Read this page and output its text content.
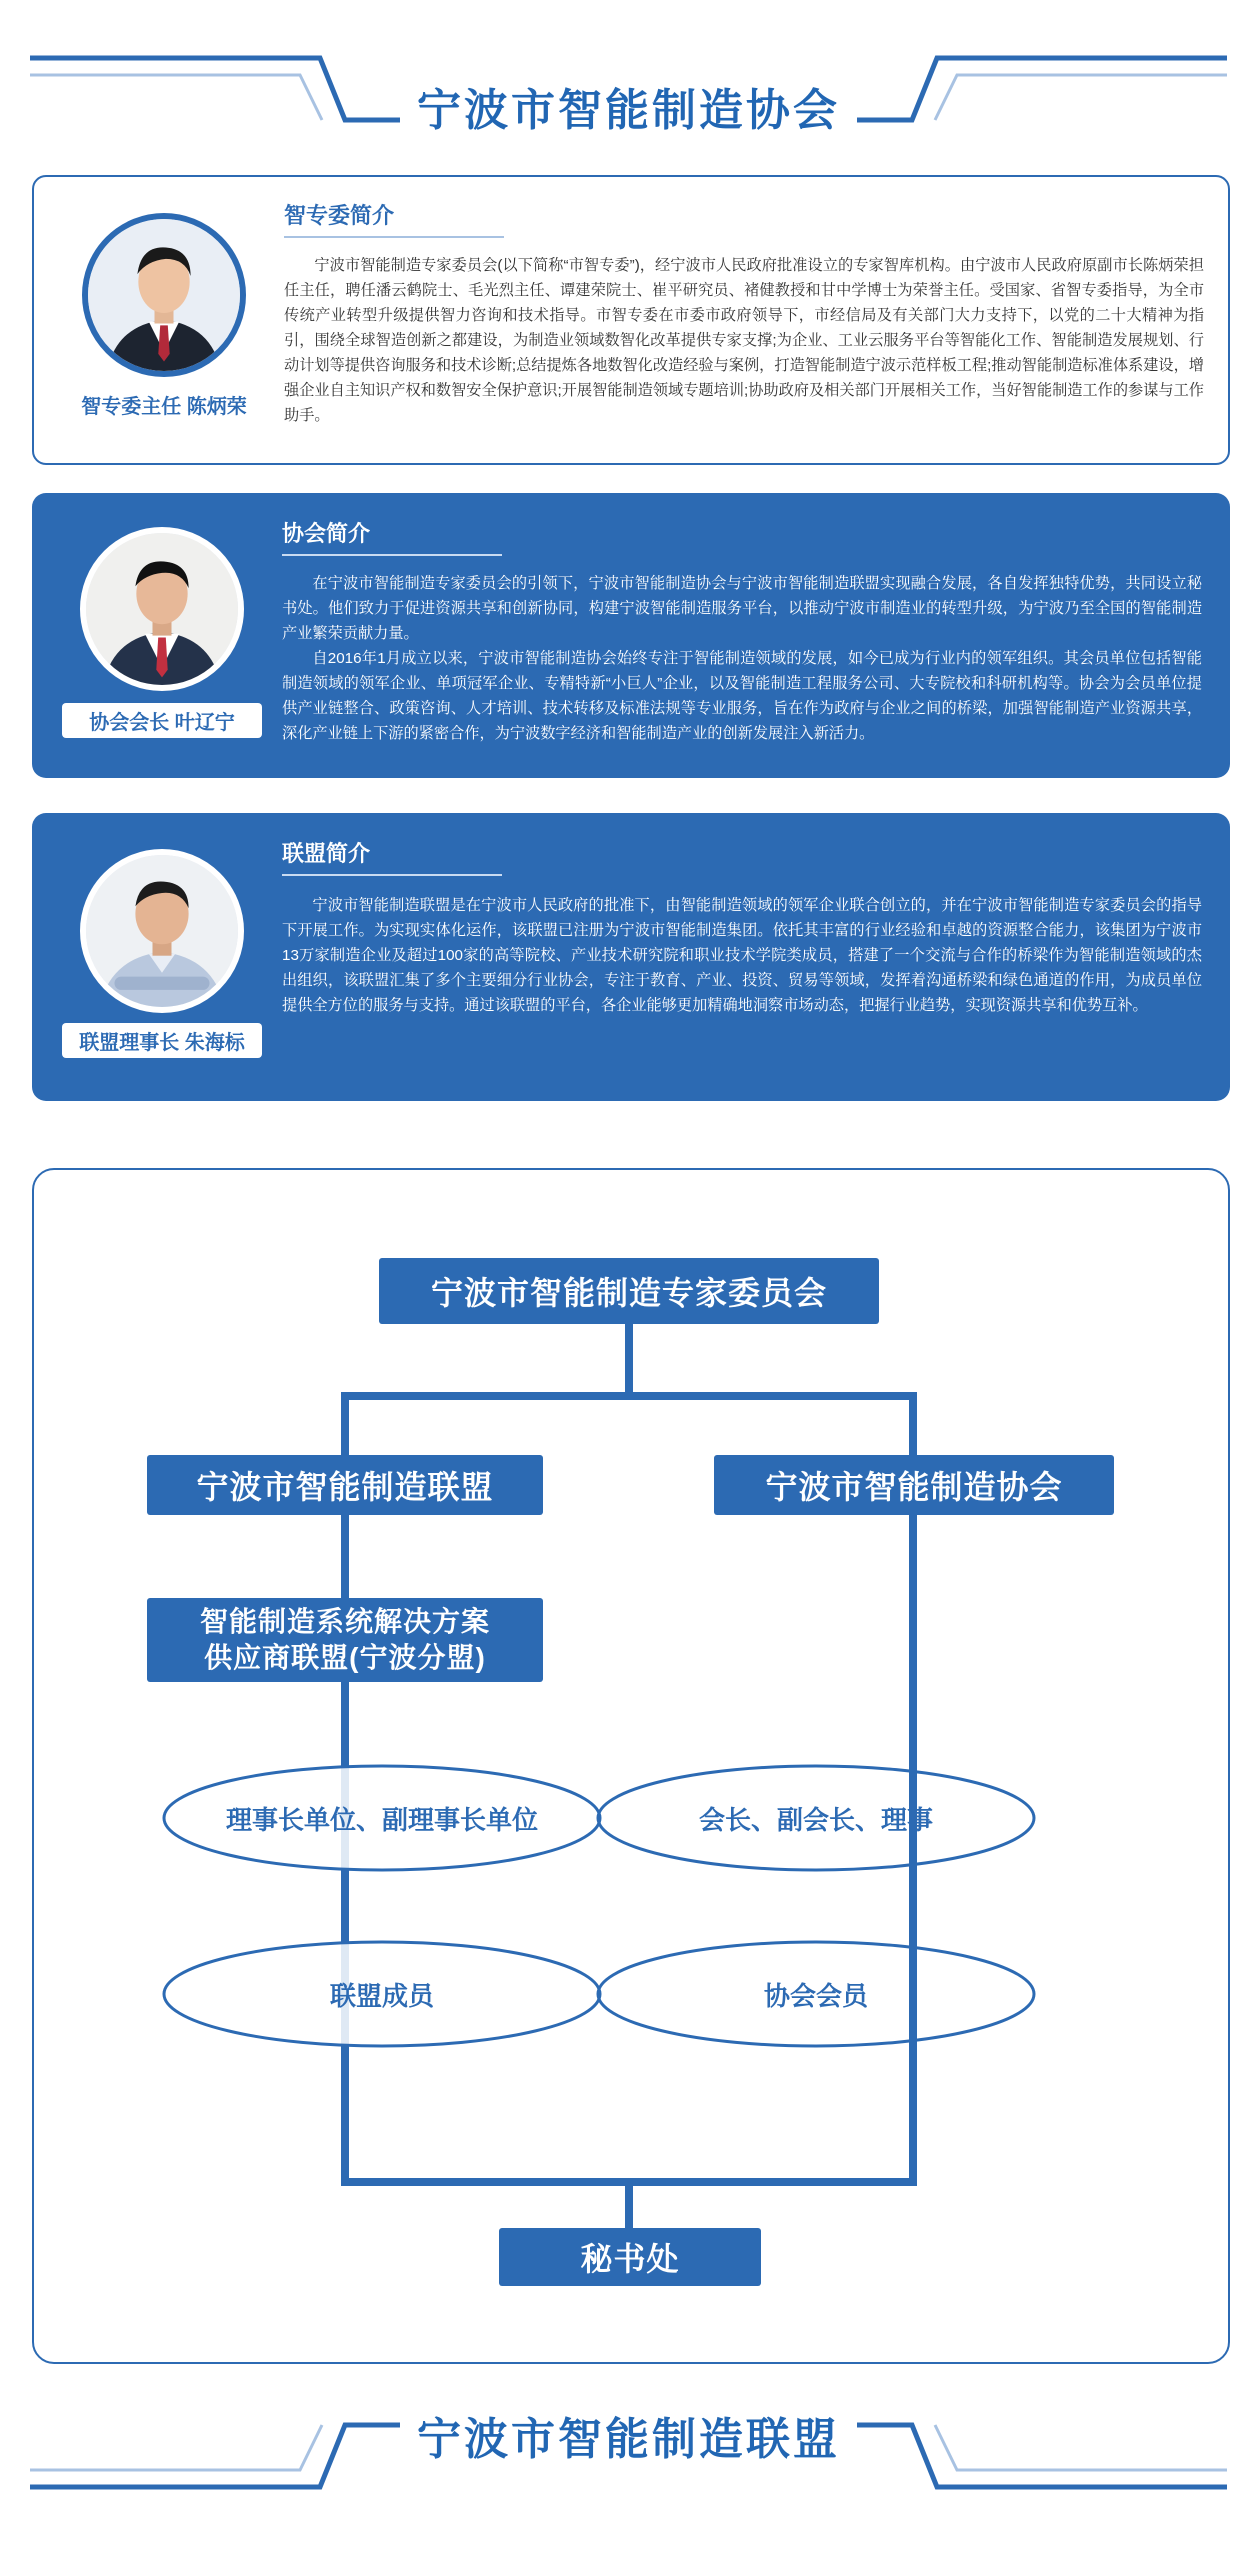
宁波市智能制造协会
智专委主任 陈炳荣
智专委简介

宁波市智能制造专家委员会(以下简称“市智专委”)，经宁波市人民政府批准设立的专家智库机构。由宁波市人民政府原副市长陈炳荣担任主任，聘任潘云鹤院士、毛光烈主任、谭建荣院士、崔平研究员、褚健教授和甘中学博士为荣誉主任。受国家、省智专委指导，为全市传统产业转型升级提供智力咨询和技术指导。市智专委在市委市政府领导下，市经信局及有关部门大力支持下，以党的二十大精神为指引，围绕全球智造创新之都建设，为制造业领域数智化改革提供专家支撑;为企业、工业云服务平台等智能化工作、智能制造发展规划、行动计划等提供咨询服务和技术诊断;总结提炼各地数智化改造经验与案例，打造智能制造宁波示范样板工程;推动智能制造标准体系建设，增强企业自主知识产权和数智安全保护意识;开展智能制造领域专题培训;协助政府及相关部门开展相关工作，当好智能制造工作的参谋与工作助手。

协会会长 叶辽宁
协会简介

在宁波市智能制造专家委员会的引领下，宁波市智能制造协会与宁波市智能制造联盟实现融合发展，各自发挥独特优势，共同设立秘书处。他们致力于促进资源共享和创新协同，构建宁波智能制造服务平台，以推动宁波市制造业的转型升级，为宁波乃至全国的智能制造产业繁荣贡献力量。

自2016年1月成立以来，宁波市智能制造协会始终专注于智能制造领域的发展，如今已成为行业内的领军组织。其会员单位包括智能制造领域的领军企业、单项冠军企业、专精特新“小巨人”企业，以及智能制造工程服务公司、大专院校和科研机构等。协会为会员单位提供产业链整合、政策咨询、人才培训、技术转移及标准法规等专业服务，旨在作为政府与企业之间的桥梁，加强智能制造产业资源共享，深化产业链上下游的紧密合作，为宁波数字经济和智能制造产业的创新发展注入新活力。

联盟理事长 朱海标
联盟简介

宁波市智能制造联盟是在宁波市人民政府的批准下，由智能制造领域的领军企业联合创立的，并在宁波市智能制造专家委员会的指导下开展工作。为实现实体化运作，该联盟已注册为宁波市智能制造集团。依托其丰富的行业经验和卓越的资源整合能力，该集团为宁波市13万家制造企业及超过100家的高等院校、产业技术研究院和职业技术学院类成员，搭建了一个交流与合作的桥梁作为智能制造领域的杰出组织，该联盟汇集了多个主要细分行业协会，专注于教育、产业、投资、贸易等领域，发挥着沟通桥梁和绿色通道的作用，为成员单位提供全方位的服务与支持。通过该联盟的平台，各企业能够更加精确地洞察市场动态，把握行业趋势，实现资源共享和优势互补。

宁波市智能制造专家委员会
宁波市智能制造联盟	宁波市智能制造协会
智能制造系统解决方案
供应商联盟(宁波分盟)
理事长单位、副理事长单位	会长、副会长、理事
联盟成员	协会会员
秘书处
宁波市智能制造联盟
